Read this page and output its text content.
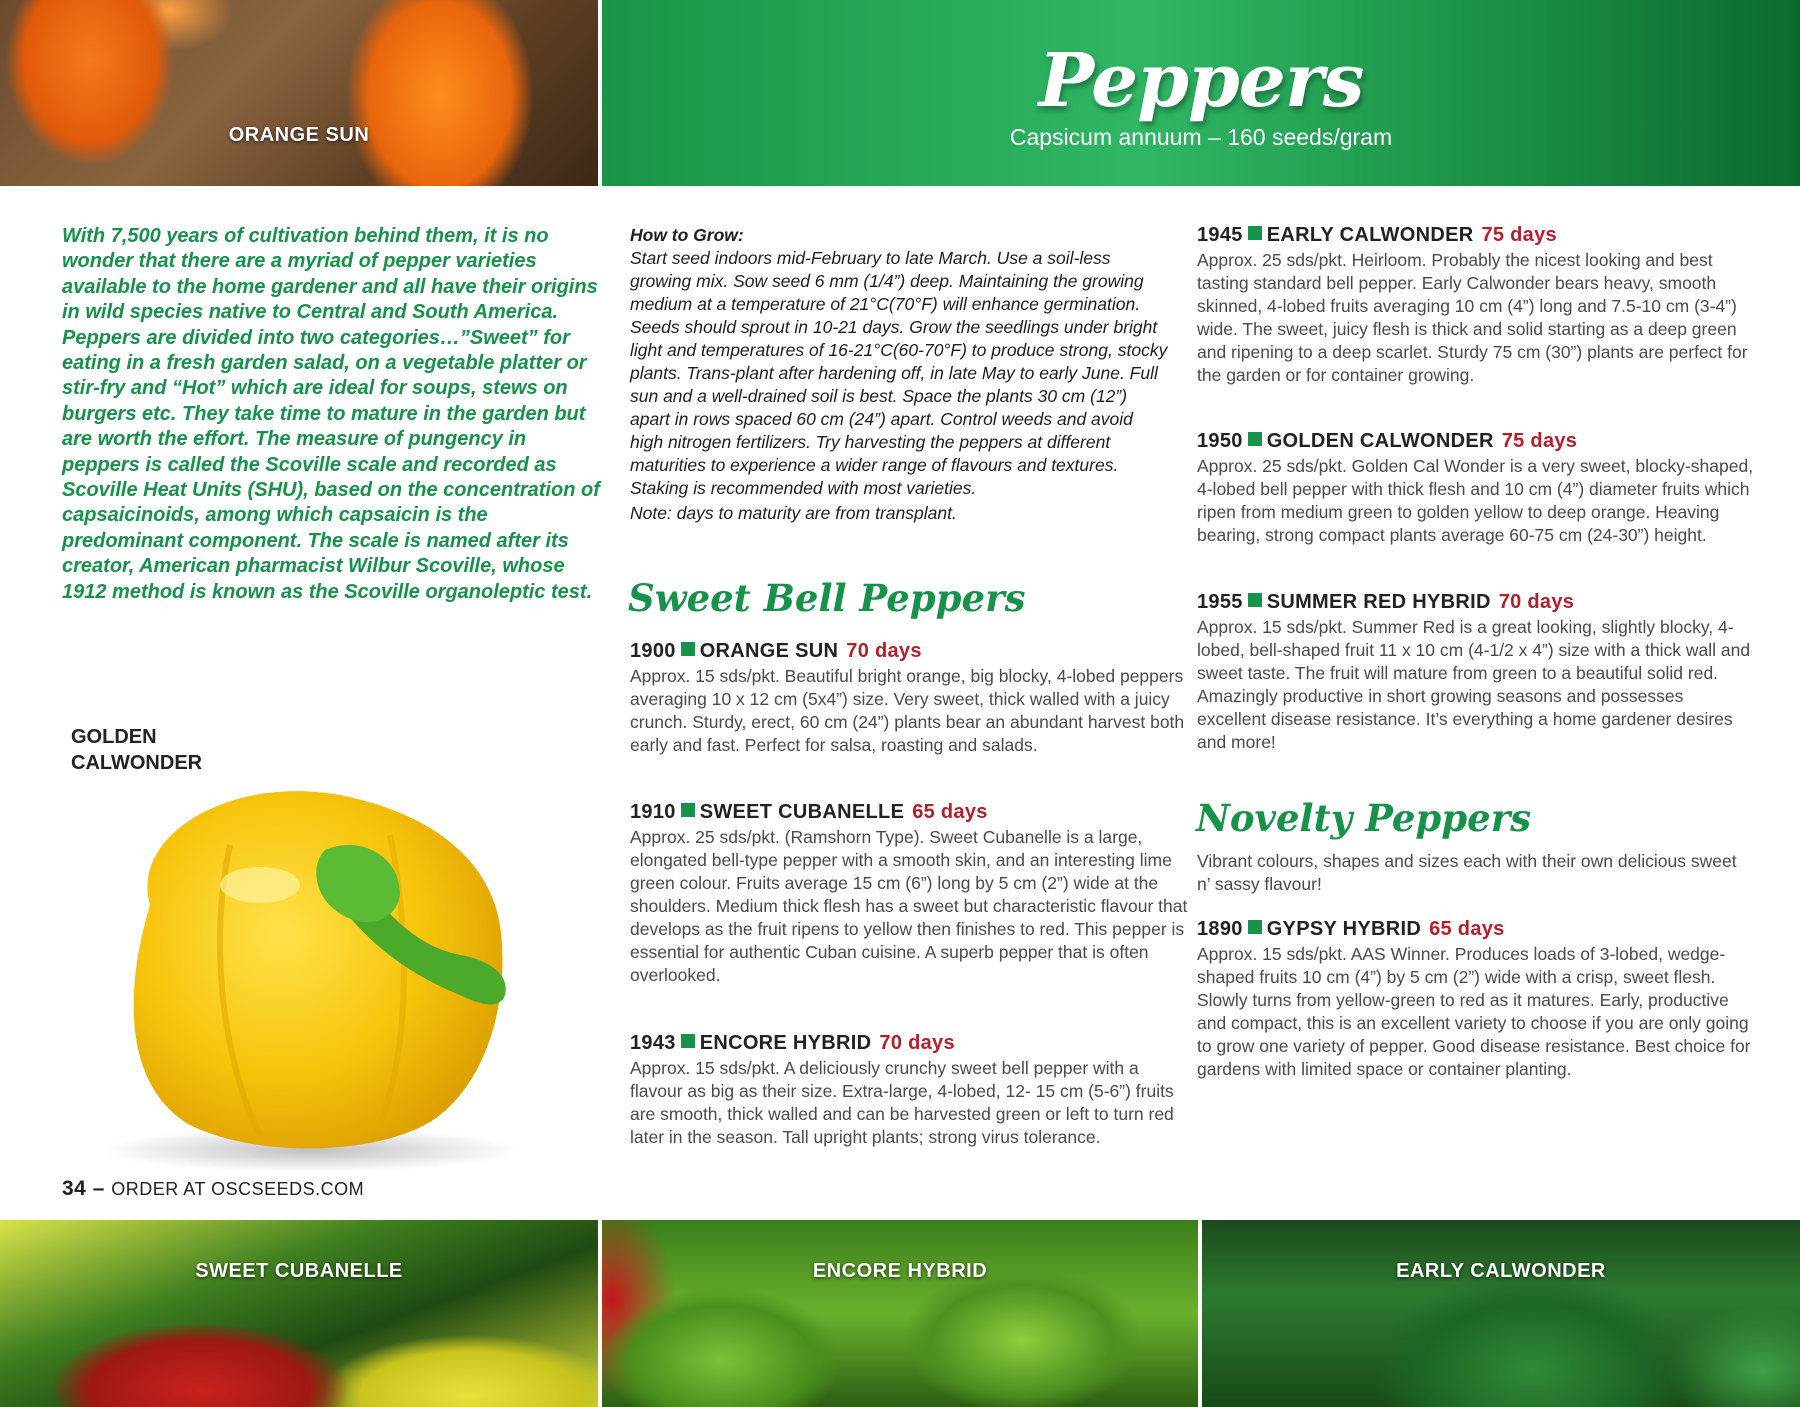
ORANGE SUN
Peppers
Capsicum annuum – 160 seeds/gram
With 7,500 years of cultivation behind them, it is no wonder that there are a myriad of pepper varieties available to the home gardener and all have their origins in wild species native to Central and South America. Peppers are divided into two categories…”Sweet” for eating in a fresh garden salad, on a vegetable platter or stir-fry and “Hot” which are ideal for soups, stews on burgers etc. They take time to mature in the garden but are worth the effort. The measure of pungency in peppers is called the Scoville scale and recorded as Scoville Heat Units (SHU), based on the concentration of capsaicinoids, among which capsaicin is the predominant component. The scale is named after its creator, American pharmacist Wilbur Scoville, whose 1912 method is known as the Scoville organoleptic test.
GOLDEN
CALWONDER
How to Grow:
Start seed indoors mid-February to late March. Use a soil-less growing mix. Sow seed 6 mm (1/4”) deep. Maintaining the growing medium at a temperature of 21°C(70°F) will enhance germination. Seeds should sprout in 10-21 days. Grow the seedlings under bright light and temperatures of 16-21°C(60-70°F) to produce strong, stocky plants. Trans-plant after hardening off, in late May to early June. Full sun and a well-drained soil is best. Space the plants 30 cm (12”) apart in rows spaced 60 cm (24”) apart. Control weeds and avoid high nitrogen fertilizers. Try harvesting the peppers at different maturities to experience a wider range of flavours and textures. Staking is recommended with most varieties.
Note: days to maturity are from transplant.
Sweet Bell Peppers
1900 ORANGE SUN 70 days
Approx. 15 sds/pkt. Beautiful bright orange, big blocky, 4-lobed peppers averaging 10 x 12 cm (5x4”) size. Very sweet, thick walled with a juicy crunch. Sturdy, erect, 60 cm (24”) plants bear an abundant harvest both early and fast. Perfect for salsa, roasting and salads.
1910 SWEET CUBANELLE 65 days
Approx. 25 sds/pkt. (Ramshorn Type). Sweet Cubanelle is a large, elongated bell-type pepper with a smooth skin, and an interesting lime green colour. Fruits average 15 cm (6”) long by 5 cm (2”) wide at the shoulders. Medium thick flesh has a sweet but characteristic flavour that develops as the fruit ripens to yellow then finishes to red. This pepper is essential for authentic Cuban cuisine. A superb pepper that is often overlooked.
1943 ENCORE HYBRID 70 days
Approx. 15 sds/pkt. A deliciously crunchy sweet bell pepper with a flavour as big as their size. Extra-large, 4-lobed, 12- 15 cm (5-6”) fruits are smooth, thick walled and can be harvested green or left to turn red later in the season. Tall upright plants; strong virus tolerance.
1945 EARLY CALWONDER 75 days
Approx. 25 sds/pkt. Heirloom. Probably the nicest looking and best tasting standard bell pepper. Early Calwonder bears heavy, smooth skinned, 4-lobed fruits averaging 10 cm (4”) long and 7.5-10 cm (3-4”) wide. The sweet, juicy flesh is thick and solid starting as a deep green and ripening to a deep scarlet. Sturdy 75 cm (30”) plants are perfect for the garden or for container growing.
1950 GOLDEN CALWONDER 75 days
Approx. 25 sds/pkt. Golden Cal Wonder is a very sweet, blocky-shaped, 4-lobed bell pepper with thick flesh and 10 cm (4”) diameter fruits which ripen from medium green to golden yellow to deep orange. Heaving bearing, strong compact plants average 60-75 cm (24-30”) height.
1955 SUMMER RED HYBRID 70 days
Approx. 15 sds/pkt. Summer Red is a great looking, slightly blocky, 4-lobed, bell-shaped fruit 11 x 10 cm (4-1/2 x 4”) size with a thick wall and sweet taste. The fruit will mature from green to a beautiful solid red. Amazingly productive in short growing seasons and possesses excellent disease resistance. It’s everything a home gardener desires and more!
Novelty Peppers
Vibrant colours, shapes and sizes each with their own delicious sweet n’ sassy flavour!
1890 GYPSY HYBRID 65 days
Approx. 15 sds/pkt. AAS Winner. Produces loads of 3-lobed, wedge-shaped fruits 10 cm (4”) by 5 cm (2”) wide with a crisp, sweet flesh. Slowly turns from yellow-green to red as it matures. Early, productive and compact, this is an excellent variety to choose if you are only going to grow one variety of pepper. Good disease resistance. Best choice for gardens with limited space or container planting.
34 – ORDER AT OSCSEEDS.COM
SWEET CUBANELLE	ENCORE HYBRID	EARLY CALWONDER
